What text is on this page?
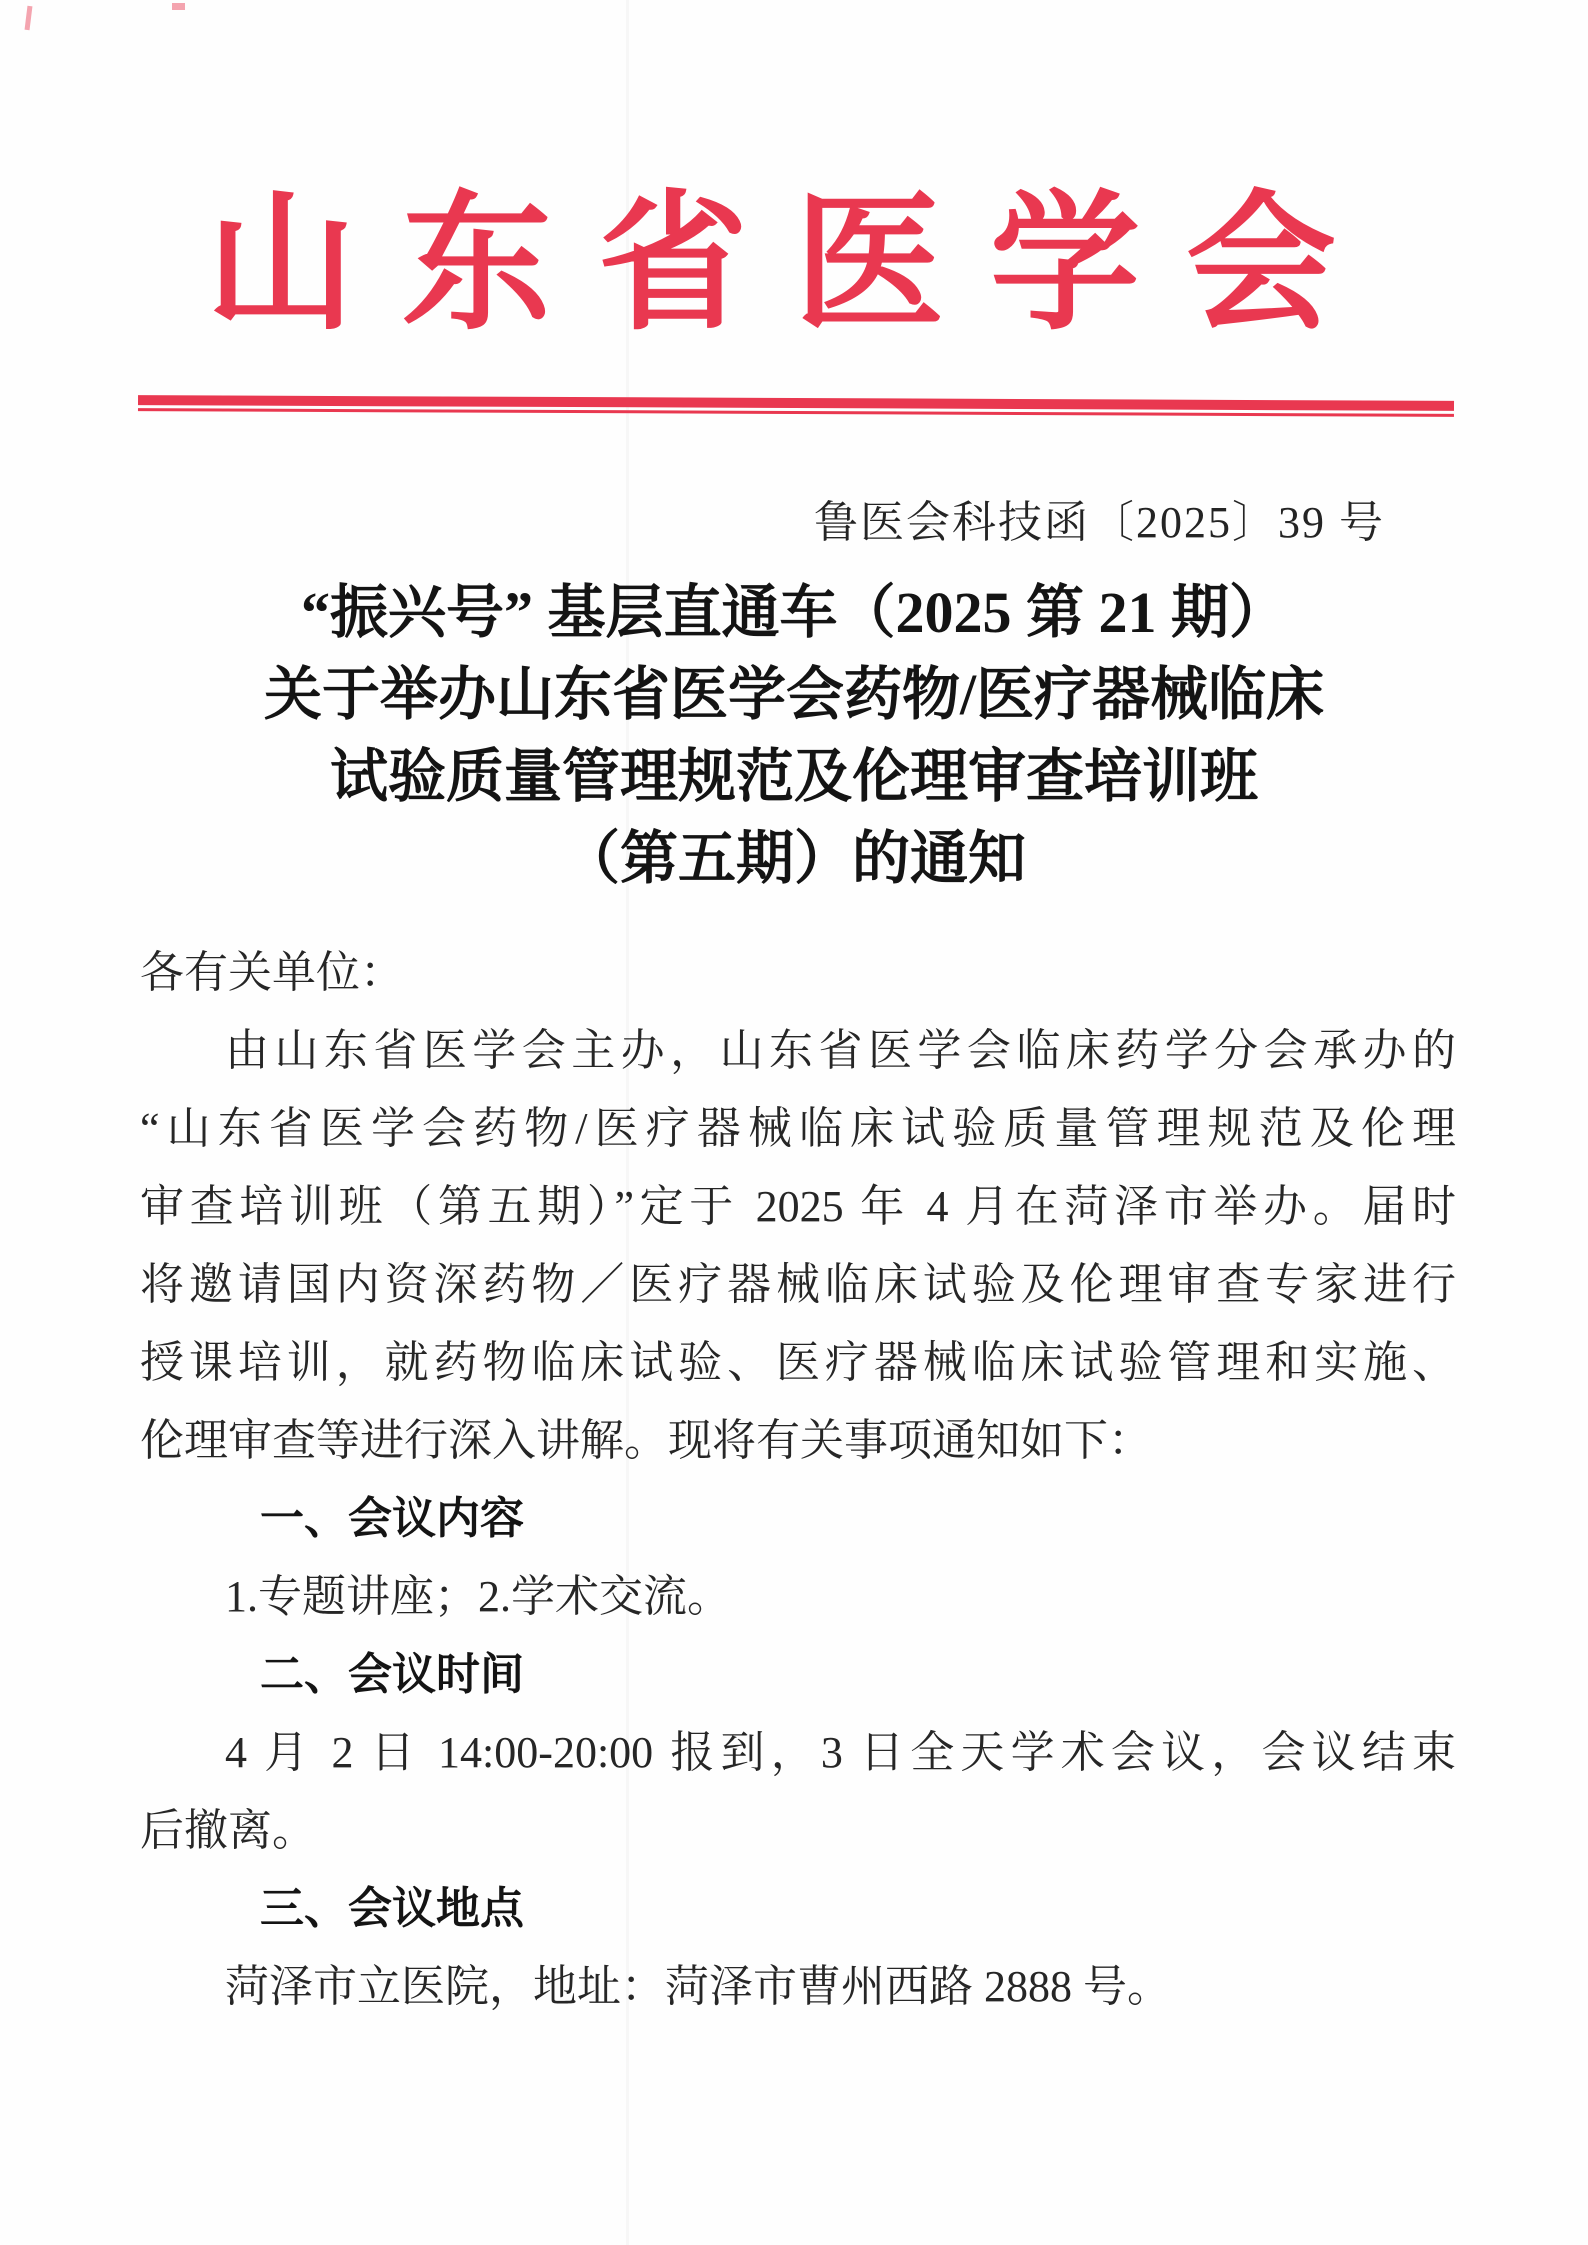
山东省医学会
鲁医会科技函〔2025〕39 号
“振兴号” 基层直通车（2025 第 21 期）
关于举办山东省医学会药物/医疗器械临床
试验质量管理规范及伦理审查培训班
（第五期）的通知
各有关单位：
由山东省医学会主办，山东省医学会临床药学分会承办的
“山东省医学会药物/医疗器械临床试验质量管理规范及伦理
审查培训班（第五期）”定于 2025 年 4 月在菏泽市举办。届时
将邀请国内资深药物／医疗器械临床试验及伦理审查专家进行
授课培训，就药物临床试验、医疗器械临床试验管理和实施、
伦理审查等进行深入讲解。现将有关事项通知如下：
一、会议内容
1.专题讲座；2.学术交流。
二、会议时间
4 月 2 日 14:00-20:00 报到，3 日全天学术会议，会议结束
后撤离。
三、会议地点
菏泽市立医院，地址：菏泽市曹州西路 2888 号。
